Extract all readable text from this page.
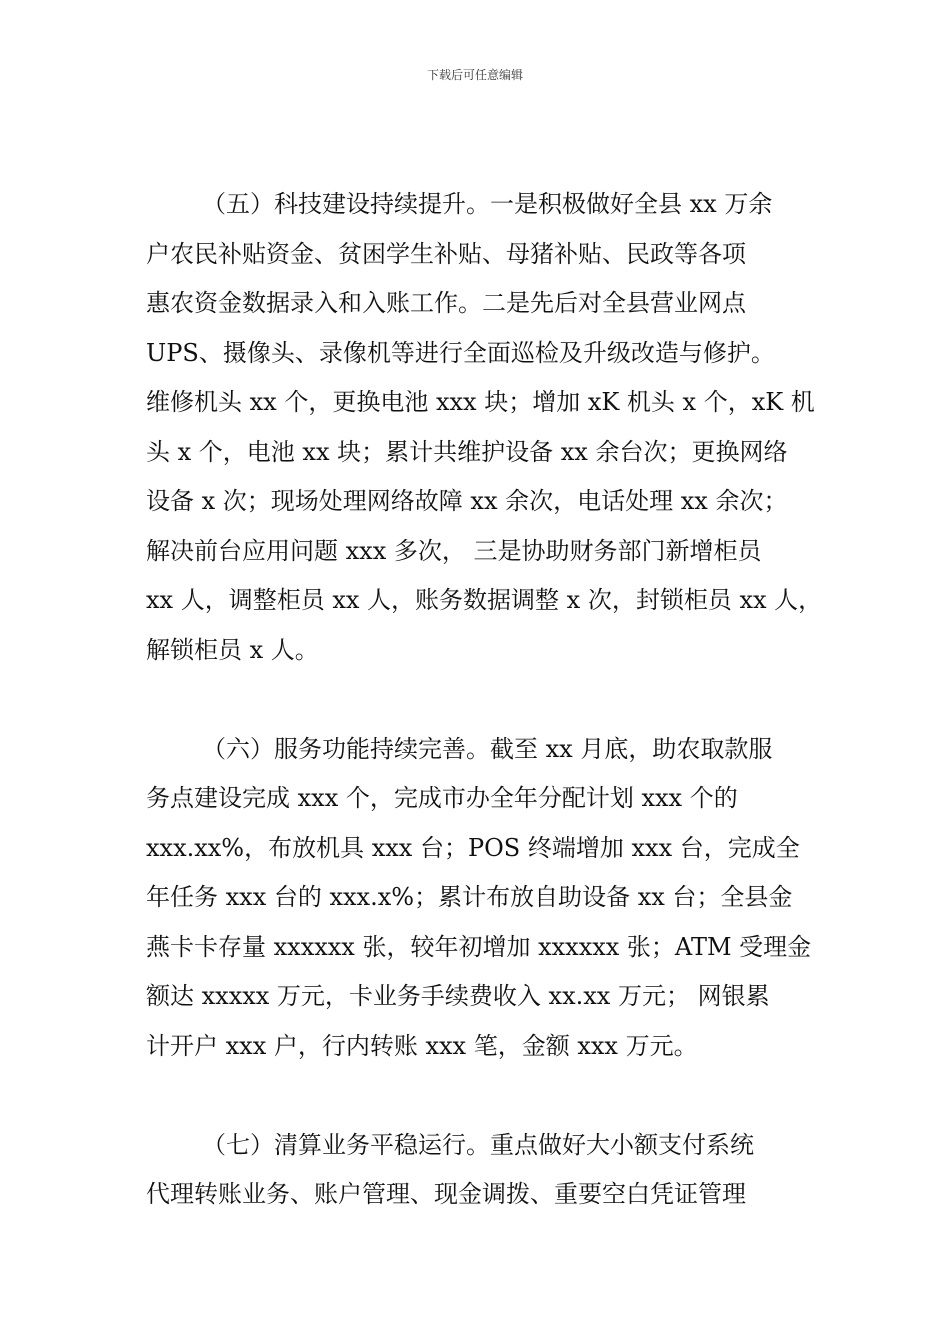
下载后可任意编辑
（五）科技建设持续提升。一是积极做好全县 xx 万余
户农民补贴资金、贫困学生补贴、母猪补贴、民政等各项
惠农资金数据录入和入账工作。二是先后对全县营业网点
UPS、摄像头、录像机等进行全面巡检及升级改造与修护。
维修机头 xx 个，更换电池 xxx 块；增加 xK 机头 x 个，xK 机
头 x 个，电池 xx 块；累计共维护设备 xx 余台次；更换网络
设备 x 次；现场处理网络故障 xx 余次，电话处理 xx 余次；
解决前台应用问题 xxx 多次， 三是协助财务部门新增柜员
xx 人，调整柜员 xx 人，账务数据调整 x 次，封锁柜员 xx 人，
解锁柜员 x 人。
（六）服务功能持续完善。截至 xx 月底，助农取款服
务点建设完成 xxx 个，完成市办全年分配计划 xxx 个的
xxx.xx%，布放机具 xxx 台；POS 终端增加 xxx 台，完成全
年任务 xxx 台的 xxx.x%；累计布放自助设备 xx 台；全县金
燕卡卡存量 xxxxxx 张，较年初增加 xxxxxx 张；ATM 受理金
额达 xxxxx 万元，卡业务手续费收入 xx.xx 万元； 网银累
计开户 xxx 户，行内转账 xxx 笔，金额 xxx 万元。
（七）清算业务平稳运行。重点做好大小额支付系统
代理转账业务、账户管理、现金调拨、重要空白凭证管理
